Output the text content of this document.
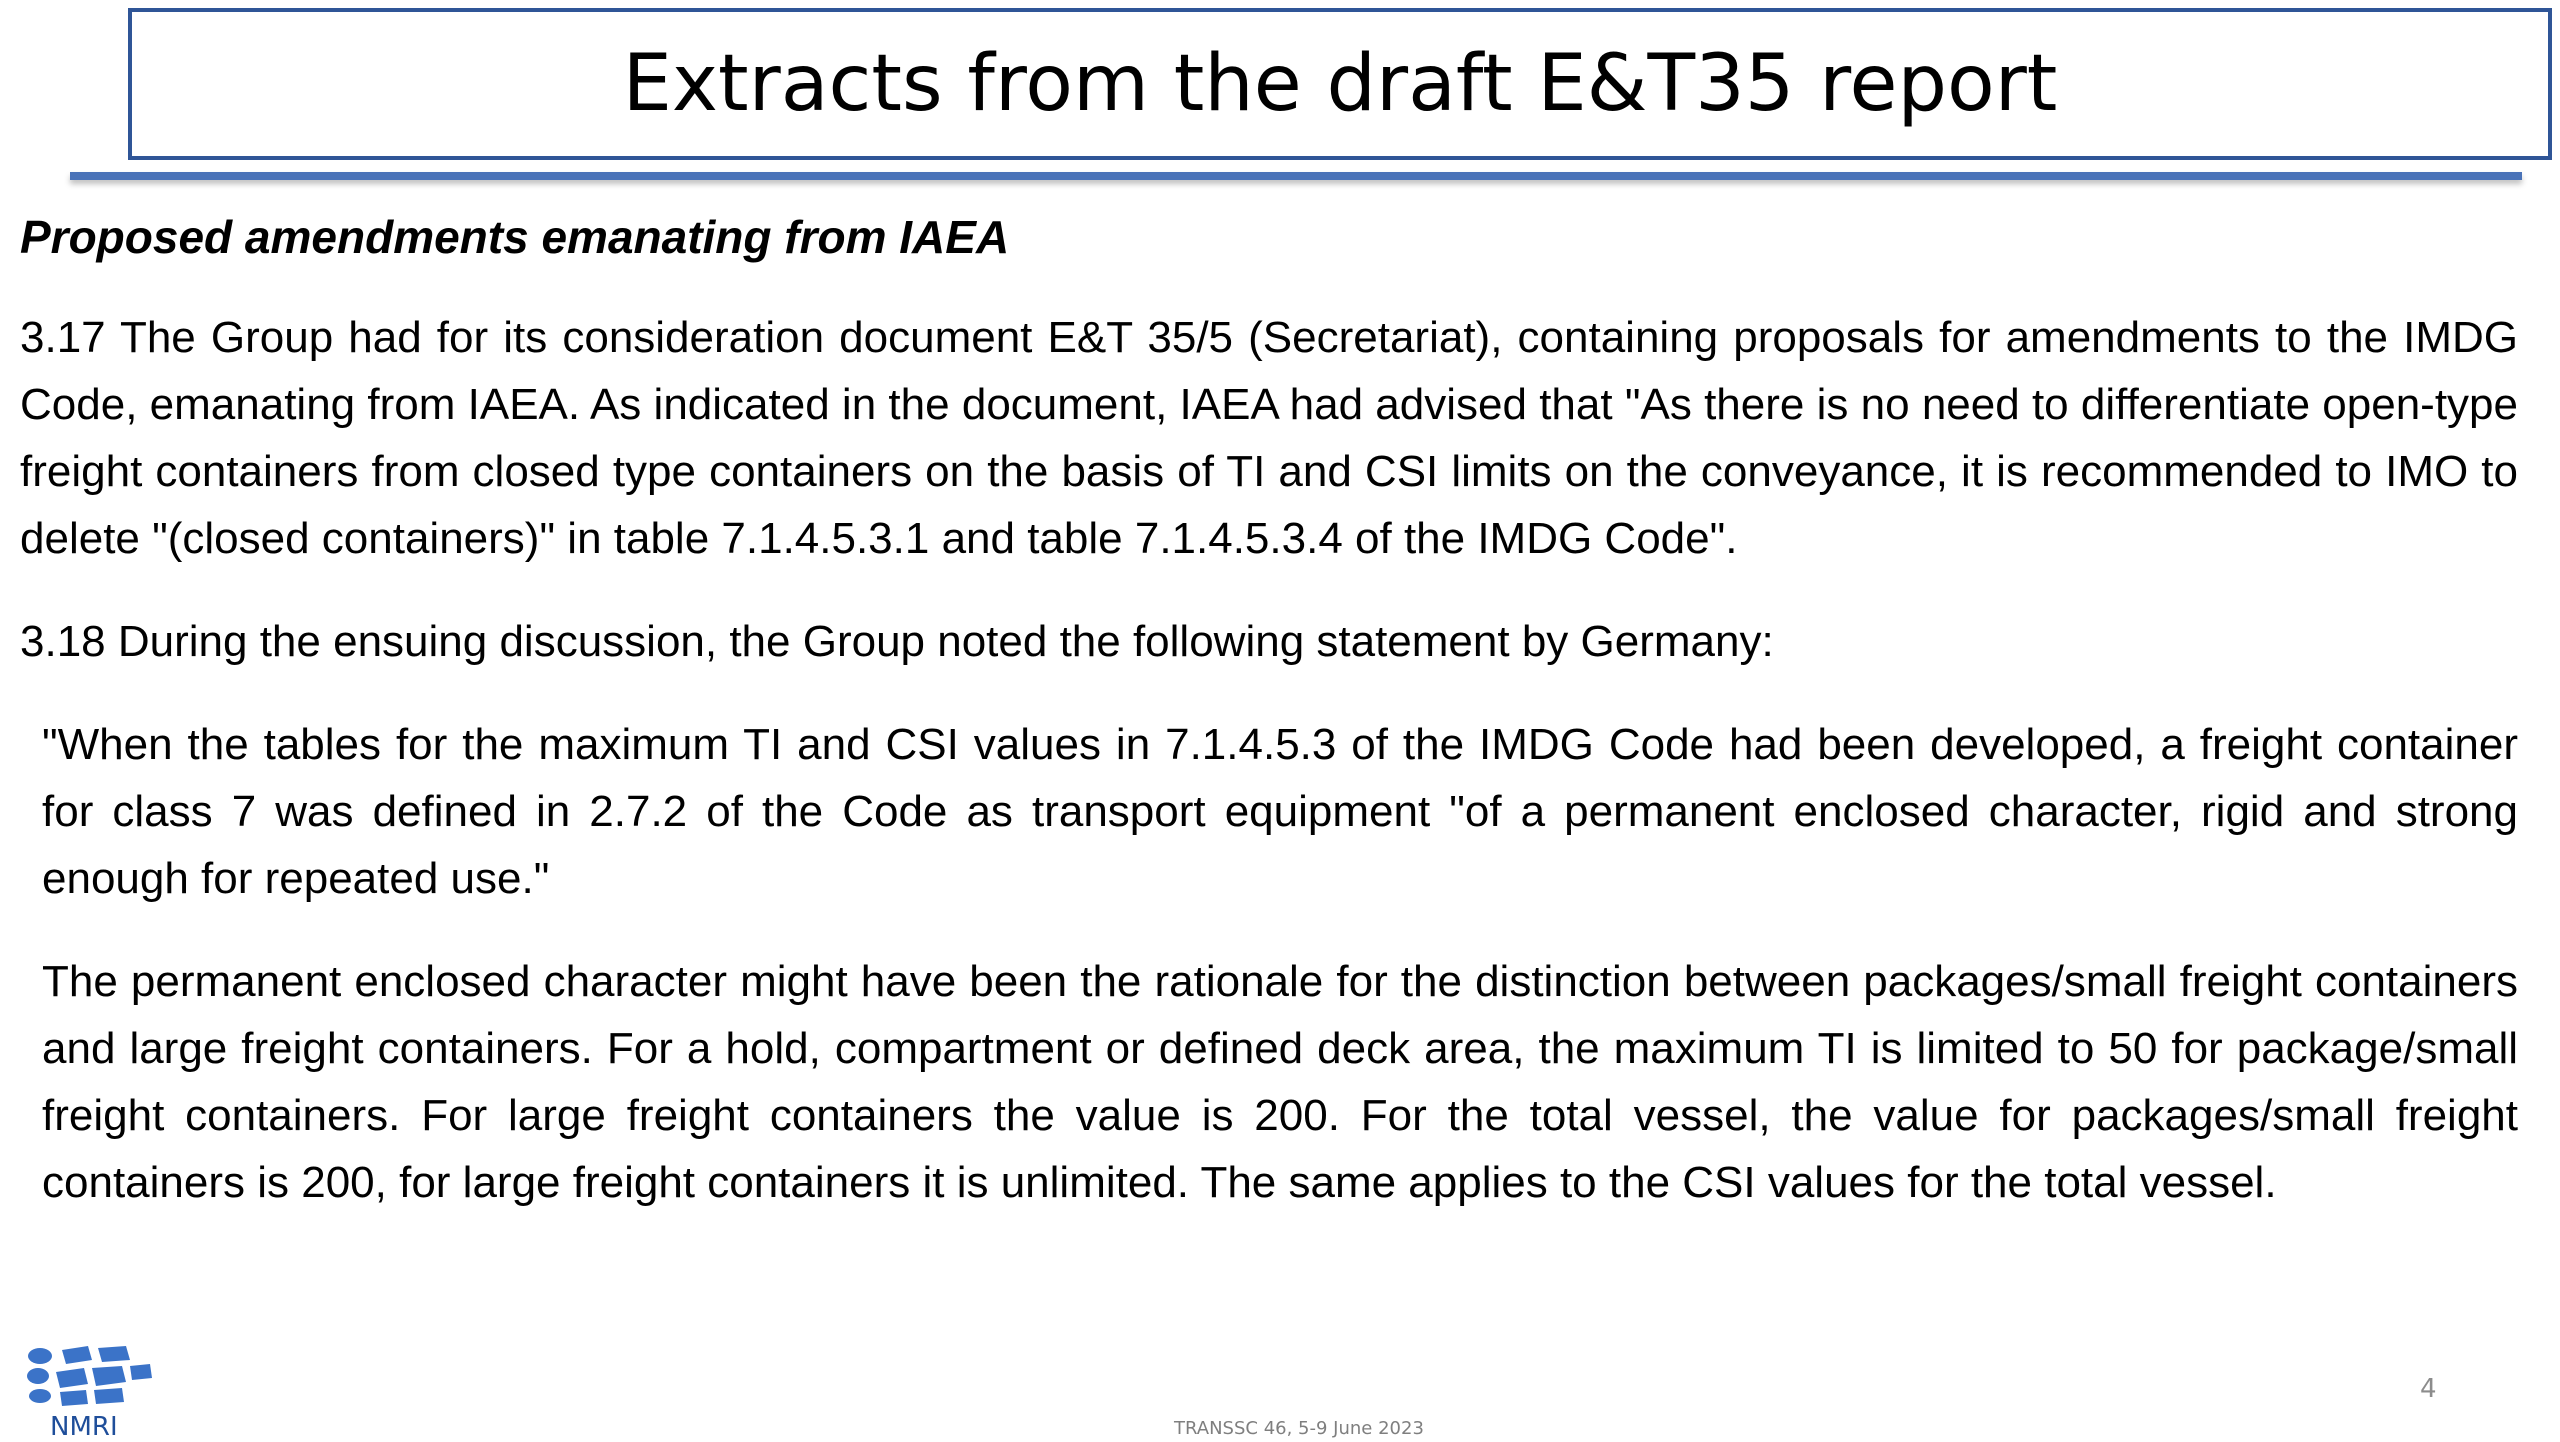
Extracts from the draft E&T35 report
Proposed amendments emanating from IAEA

3.17 The Group had for its consideration document E&T 35/5 (Secretariat), containing proposals for amendments to the IMDG Code, emanating from IAEA. As indicated in the document, IAEA had advised that "As there is no need to differentiate open-type freight containers from closed type containers on the basis of TI and CSI limits on the conveyance, it is recommended to IMO to delete "(closed containers)" in table 7.1.4.5.3.1 and table 7.1.4.5.3.4 of the IMDG Code".

3.18 During the ensuing discussion, the Group noted the following statement by Germany:

"When the tables for the maximum TI and CSI values in 7.1.4.5.3 of the IMDG Code had been developed, a freight container for class 7 was defined in 2.7.2 of the Code as transport equipment "of a permanent enclosed character, rigid and strong enough for repeated use."

The permanent enclosed character might have been the rationale for the distinction between packages/small freight containers and large freight containers. For a hold, compartment or defined deck area, the maximum TI is limited to 50 for package/small freight containers. For large freight containers the value is 200. For the total vessel, the value for packages/small freight containers is 200, for large freight containers it is unlimited. The same applies to the CSI values for the total vessel.

NMRI
4
TRANSSC 46, 5-9 June 2023
